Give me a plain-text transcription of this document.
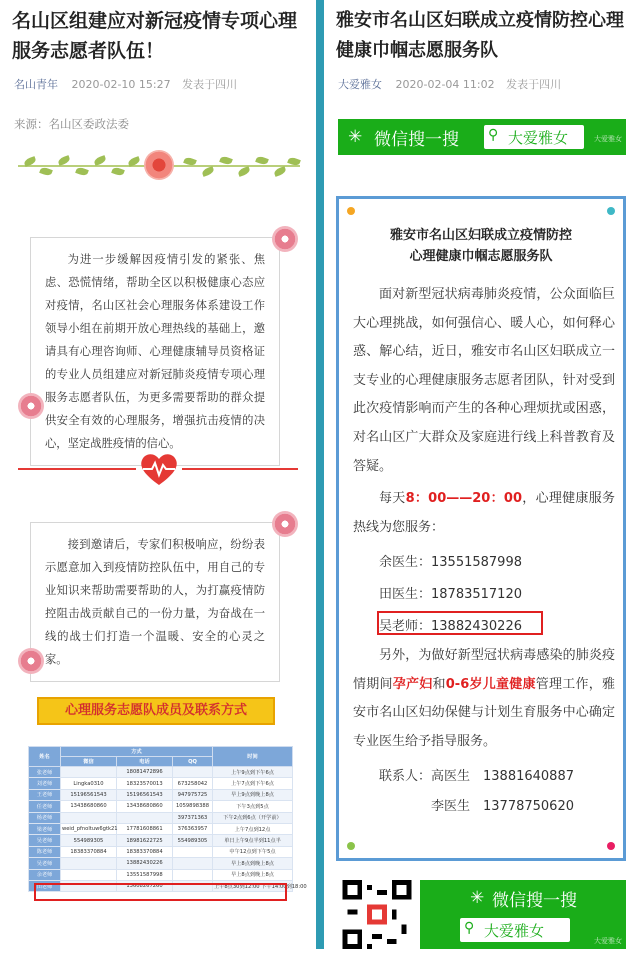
名山区组建应对新冠疫情专项心理服务志愿者队伍！
名山青年 2020-02-10 15:27 发表于四川
来源：名山区委政法委

为进一步缓解因疫情引发的紧张、焦虑、恐慌情绪，帮助全区以积极健康心态应对疫情，名山区社会心理服务体系建设工作领导小组在前期开放心理热线的基础上，邀请具有心理咨询师、心理健康辅导员资格证的专业人员组建应对新冠肺炎疫情专项心理服务志愿者队伍，为更多需要帮助的群众提供安全有效的心理服务，增强抗击疫情的决心，坚定战胜疫情的信心。

接到邀请后，专家们积极响应，纷纷表示愿意加入到疫情防控队伍中，用自己的专业知识来帮助需要帮助的人，为打赢疫情防控阻击战贡献自己的一份力量，为奋战在一线的战士们打造一个温暖、安全的心灵之家。

心理服务志愿队成员及联系方式
姓名	方式			时间
	微信	电话	QQ	
张老师		18081472896		上午9点到下午6点
刘老师	Lingka0310	18323570013	673258042	上午7点到下午6点
王老师	15196561543	15196561543	947975725	早上9点到晚上8点
任老师	13438680860	13438680860	1059898388	下午3点到5点
杨老师			397371363	下午2点到6点（开学前）
梁老师	weid_pfnoltuw6gtk21	17781608861	376363957	上午7点到12点
吴老师	554989305	18981622725	554989305	单日上午9点半到11点半
陈老师	18383370884	18383370884		中午12点到下午5点
吴老师		13882430226		早上8点到晚上8点
余老师		13551587998		早上8点到晚上8点
田老师		13608267260		上午8点30到12:00 下午14:00到18:00
雅安市名山区妇联成立疫情防控心理健康巾帼志愿服务队
大爱雅女 2020-02-04 11:02 发表于四川
✳ 微信搜一搜 ⚲ 大爱雅女	大爱雅女
雅安市名山区妇联成立疫情防控
心理健康巾帼志愿服务队

面对新型冠状病毒肺炎疫情，公众面临巨大心理挑战，如何强信心、暖人心，如何释心惑、解心结，近日，雅安市名山区妇联成立一支专业的心理健康服务志愿者团队，针对受到此次疫情影响而产生的各种心理烦扰或困惑，对名山区广大群众及家庭进行线上科普教育及答疑。

每天8：00——20：00，心理健康服务热线为您服务：

余医生：13551587998
田医生：18783517120
吴老师：13882430226

另外，为做好新型冠状病毒感染的肺炎疫情期间孕产妇和0-6岁儿童健康管理工作，雅安市名山区妇幼保健与计划生育服务中心确定专业医生给予指导服务。

联系人：高医生　13881640887
李医生　13778750620
✳ 微信搜一搜
⚲ 大爱雅女
大爱雅女
